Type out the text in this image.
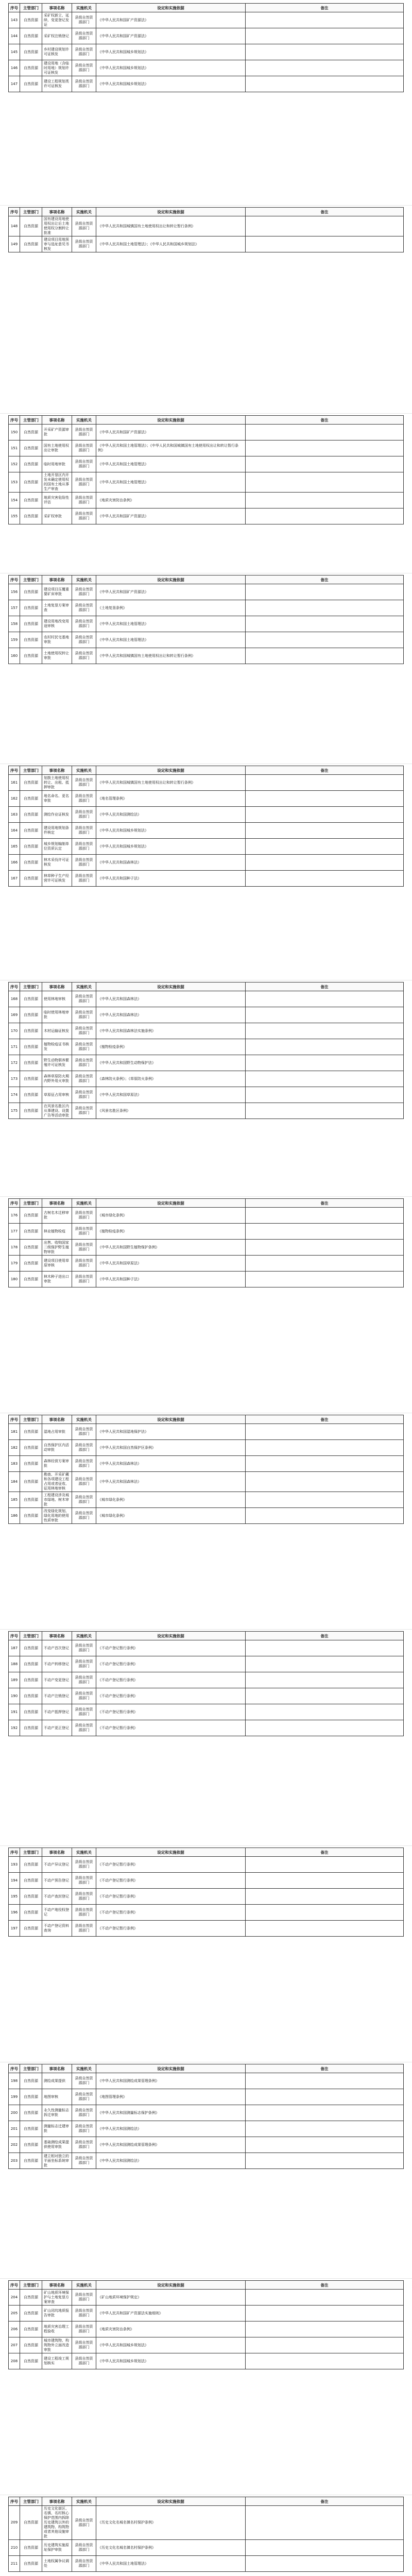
序号	主管部门	事项名称	实施机关	设定和实施依据	备注
143	自然资源	采矿权新立、延续、变更登记发证	县级自然资源部门	《中华人民共和国矿产资源法》	
144	自然资源	采矿权注销登记	县级自然资源部门	《中华人民共和国矿产资源法》	
145	自然资源	乡村建设规划许可证核发	县级自然资源部门	《中华人民共和国城乡规划法》	
146	自然资源	建设用地（含临时用地）规划许可证核发	县级自然资源部门	《中华人民共和国城乡规划法》	
147	自然资源	建设工程规划类许可证核发	县级自然资源部门	《中华人民共和国城乡规划法》	
序号	主管部门	事项名称	实施机关	设定和实施依据	备注
148	自然资源	国有建设用地使用权出让后土地使用权分割转让批准	县级自然资源部门	《中华人民共和国城镇国有土地使用权出让和转让暂行条例》	
149	自然资源	建设项目用地预审与选址意见书核发	县级自然资源部门	《中华人民共和国土地管理法》；《中华人民共和国城乡规划法》	
序号	主管部门	事项名称	实施机关	设定和实施依据	备注
150	自然资源	开采矿产资源审批	县级自然资源部门	《中华人民共和国矿产资源法》	
151	自然资源	国有土地使用权出让审批	县级自然资源部门	《中华人民共和国土地管理法》；《中华人民共和国城镇国有土地使用权出让和转让暂行条例》	
152	自然资源	临时用地审批	县级自然资源部门	《中华人民共和国土地管理法》	
153	自然资源	土地开垦区内开发未确定使用权的国有土地从事生产审查	县级自然资源部门	《中华人民共和国土地管理法》	
154	自然资源	地质灾害危险性评估	县级自然资源部门	《地质灾害防治条例》	
155	自然资源	采矿权审批	县级自然资源部门	《中华人民共和国矿产资源法》	
序号	主管部门	事项名称	实施机关	设定和实施依据	备注
156	自然资源	建设项目压覆重要矿床审批	县级自然资源部门	《中华人民共和国矿产资源法》	
157	自然资源	土地复垦方案审查	县级自然资源部门	《土地复垦条例》	
158	自然资源	建设用地改变用途审核	县级自然资源部门	《中华人民共和国土地管理法》	
159	自然资源	农村村民宅基地审批	县级自然资源部门	《中华人民共和国土地管理法》	
160	自然资源	土地使用权转让审批	县级自然资源部门	《中华人民共和国城镇国有土地使用权出让和转让暂行条例》	
序号	主管部门	事项名称	实施机关	设定和实施依据	备注
161	自然资源	划拨土地使用权转让、出租、抵押审批	县级自然资源部门	《中华人民共和国城镇国有土地使用权出让和转让暂行条例》	
162	自然资源	地名命名、更名审批	县级自然资源部门	《地名管理条例》	
163	自然资源	测绘作业证核发	县级自然资源部门	《中华人民共和国测绘法》	
164	自然资源	建设用地规划条件核定	县级自然资源部门	《中华人民共和国城乡规划法》	
165	自然资源	城乡规划编制单位资质认定	县级自然资源部门	《中华人民共和国城乡规划法》	
166	自然资源	林木采伐许可证核发	县级自然资源部门	《中华人民共和国森林法》	
167	自然资源	林草种子生产经营许可证核发	县级自然资源部门	《中华人民共和国种子法》	
序号	主管部门	事项名称	实施机关	设定和实施依据	备注
168	自然资源	使用林地审核	县级自然资源部门	《中华人民共和国森林法》	
169	自然资源	临时使用林地审批	县级自然资源部门	《中华人民共和国森林法》	
170	自然资源	木材运输证核发	县级自然资源部门	《中华人民共和国森林法实施条例》	
171	自然资源	植物检疫证书核发	县级自然资源部门	《植物检疫条例》	
172	自然资源	野生动物驯养繁殖许可证核发	县级自然资源部门	《中华人民共和国野生动物保护法》	
173	自然资源	森林草原防火期内野外用火审批	县级自然资源部门	《森林防火条例》；《草原防火条例》	
174	自然资源	草原征占用审核	县级自然资源部门	《中华人民共和国草原法》	
175	自然资源	在风景名胜区内从事建设、设置广告等活动审批	县级自然资源部门	《风景名胜区条例》	
序号	主管部门	事项名称	实施机关	设定和实施依据	备注
176	自然资源	古树名木迁移审批	县级自然资源部门	《城市绿化条例》	
177	自然资源	林业植物检疫	县级自然资源部门	《植物检疫条例》	
178	自然资源	出售、收购国家二级保护野生植物审批	县级自然资源部门	《中华人民共和国野生植物保护条例》	
179	自然资源	建设项目使用草原审核	县级自然资源部门	《中华人民共和国草原法》	
180	自然资源	林木种子进出口审批	县级自然资源部门	《中华人民共和国种子法》	
序号	主管部门	事项名称	实施机关	设定和实施依据	备注
181	自然资源	湿地占用审批	县级自然资源部门	《中华人民共和国湿地保护法》	
182	自然资源	自然保护区内活动审批	县级自然资源部门	《中华人民共和国自然保护区条例》	
183	自然资源	森林经营方案审批	县级自然资源部门	《中华人民共和国森林法》	
184	自然资源	勘查、开采矿藏和各项建设工程占用或者征收、征用林地审核	县级自然资源部门	《中华人民共和国森林法》	
185	自然资源	工程建设涉及城市绿地、树木审批	县级自然资源部门	《城市绿化条例》	
186	自然资源	改变绿化规划、绿化用地的使用性质审批	县级自然资源部门	《城市绿化条例》	
序号	主管部门	事项名称	实施机关	设定和实施依据	备注
187	自然资源	不动产首次登记	县级自然资源部门	《不动产登记暂行条例》	
188	自然资源	不动产转移登记	县级自然资源部门	《不动产登记暂行条例》	
189	自然资源	不动产变更登记	县级自然资源部门	《不动产登记暂行条例》	
190	自然资源	不动产注销登记	县级自然资源部门	《不动产登记暂行条例》	
191	自然资源	不动产抵押登记	县级自然资源部门	《不动产登记暂行条例》	
192	自然资源	不动产更正登记	县级自然资源部门	《不动产登记暂行条例》	
序号	主管部门	事项名称	实施机关	设定和实施依据	备注
193	自然资源	不动产异议登记	县级自然资源部门	《不动产登记暂行条例》	
194	自然资源	不动产预告登记	县级自然资源部门	《不动产登记暂行条例》	
195	自然资源	不动产查封登记	县级自然资源部门	《不动产登记暂行条例》	
196	自然资源	不动产地役权登记	县级自然资源部门	《不动产登记暂行条例》	
197	自然资源	不动产登记资料查询	县级自然资源部门	《不动产登记暂行条例》	
序号	主管部门	事项名称	实施机关	设定和实施依据	备注
198	自然资源	测绘成果提供	县级自然资源部门	《中华人民共和国测绘成果管理条例》	
199	自然资源	地图审核	县级自然资源部门	《地图管理条例》	
200	自然资源	永久性测量标志拆迁审批	县级自然资源部门	《中华人民共和国测量标志保护条例》	
201	自然资源	测量标志迁建审批	县级自然资源部门	《中华人民共和国测绘法》	
202	自然资源	基础测绘成果提供使用审批	县级自然资源部门	《中华人民共和国测绘成果管理条例》	
203	自然资源	建立相对独立的平面坐标系统审批	县级自然资源部门	《中华人民共和国测绘法》	
序号	主管部门	事项名称	实施机关	设定和实施依据	备注
204	自然资源	矿山地质环境保护与土地复垦方案审查	县级自然资源部门	《矿山地质环境保护规定》	
205	自然资源	矿山闭坑地质报告审批	县级自然资源部门	《中华人民共和国矿产资源法实施细则》	
206	自然资源	地质灾害治理工程验收	县级自然资源部门	《地质灾害防治条例》	
207	自然资源	城市建筑物、构筑物外立面改造审批	县级自然资源部门	《中华人民共和国城乡规划法》	
208	自然资源	建设工程竣工规划核实	县级自然资源部门	《中华人民共和国城乡规划法》	
序号	主管部门	事项名称	实施机关	设定和实施依据	备注
209	自然资源	历史文化街区、名镇、名村核心保护范围内拆除历史建筑以外的建筑物、构筑物或者其他设施审批	县级自然资源部门	《历史文化名城名镇名村保护条例》	
210	自然资源	历史建筑实施原址保护审批	县级自然资源部门	《历史文化名城名镇名村保护条例》	
211	自然资源	土地权属争议调处	县级自然资源部门	《中华人民共和国土地管理法》	
